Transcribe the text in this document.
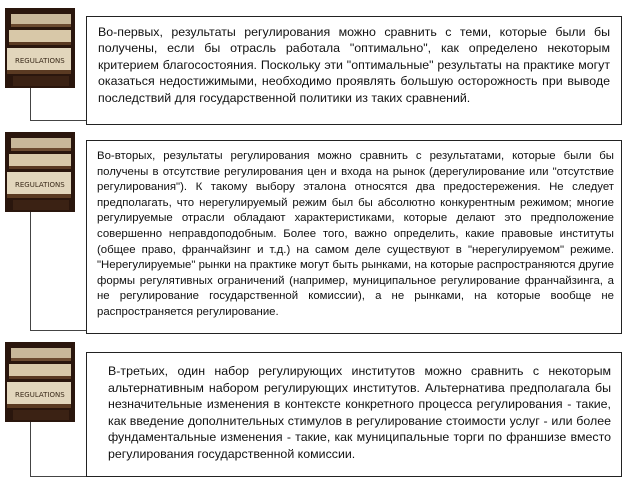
REGULATIONS

Во-первых, результаты регулирования можно сравнить с теми, которые были бы получены, если бы отрасль работала "оптимально", как определено некоторым критерием благосостояния. Поскольку эти "оптимальные" результаты на практике могут оказаться недостижимыми, необходимо проявлять большую осторожность при выводе последствий для государственной политики из таких сравнений.

REGULATIONS

Во-вторых, результаты регулирования можно сравнить с результатами, которые были бы получены в отсутствие регулирования цен и входа на рынок (дерегулирование или "отсутствие регулирования"). К такому выбору эталона относятся два предостережения. Не следует предполагать, что нерегулируемый режим был бы абсолютно конкурентным режимом; многие регулируемые отрасли обладают характеристиками, которые делают это предположение совершенно неправдоподобным. Более того, важно определить, какие правовые институты (общее право, франчайзинг и т.д.) на самом деле существуют в "нерегулируемом" режиме. "Нерегулируемые" рынки на практике могут быть рынками, на которые распространяются другие формы регулятивных ограничений (например, муниципальное регулирование франчайзинга, а не регулирование государственной комиссии), а не рынками, на которые вообще не распространяется регулирование.

REGULATIONS

В-третьих, один набор регулирующих институтов можно сравнить с некоторым альтернативным набором регулирующих институтов. Альтернатива предполагала бы незначительные изменения в контексте конкретного процесса регулирования - такие, как введение дополнительных стимулов в регулирование стоимости услуг - или более фундаментальные изменения - такие, как муниципальные торги по франшизе вместо регулирования государственной комиссии.
